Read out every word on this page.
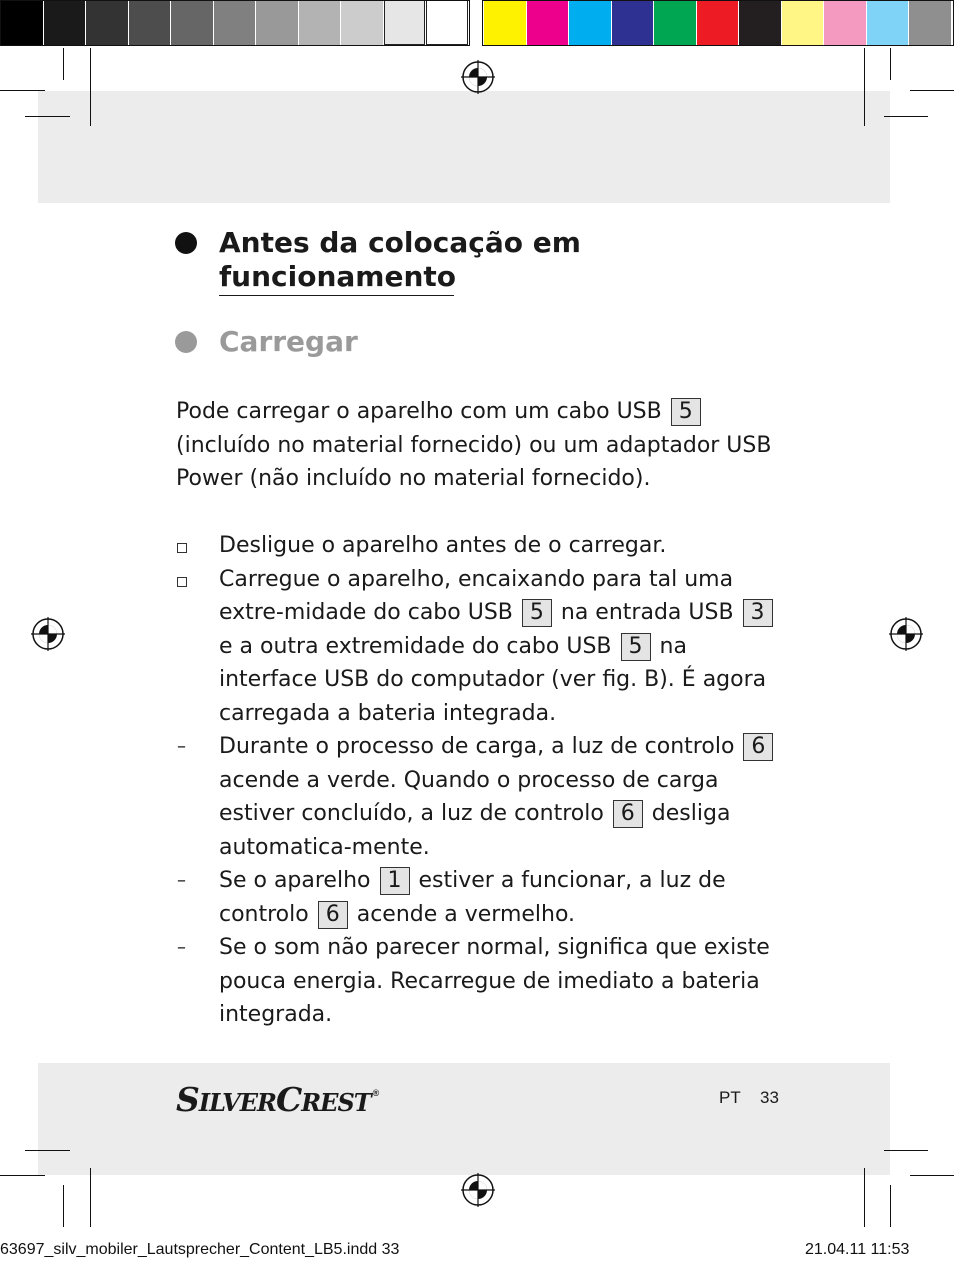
Antes da colocação em
funcionamento
Carregar

Pode carregar o aparelho com um cabo USB 5 (incluído no material fornecido) ou um adaptador USB Power (não incluído no material fornecido).

Desligue o aparelho antes de o carregar.
Carregue o aparelho, encaixando para tal uma extre-midade do cabo USB 5 na entrada USB 3 e a outra extremidade do cabo USB 5 na interface USB do computador (ver fig. B). É agora carregada a bateria integrada.
–	Durante o processo de carga, a luz de controlo 6 acende a verde. Quando o processo de carga estiver concluído, a luz de controlo 6 desliga automatica-mente.
–	Se o aparelho 1 estiver a funcionar, a luz de controlo 6 acende a vermelho.
–	Se o som não parecer normal, significa que existe pouca energia. Recarregue de imediato a bateria integrada.
SILVERCREST ®	PT 33
63697_silv_mobiler_Lautsprecher_Content_LB5.indd 33	21.04.11 11:53
